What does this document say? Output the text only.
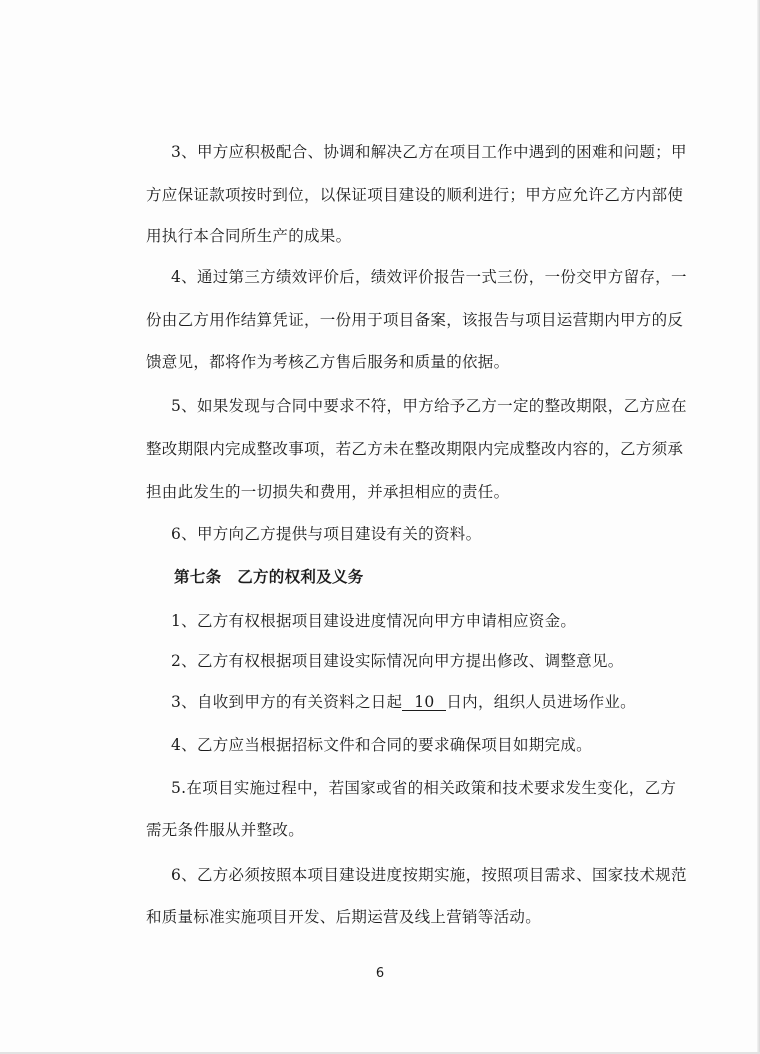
3、甲方应积极配合、协调和解决乙方在项目工作中遇到的困难和问题；甲
方应保证款项按时到位，以保证项目建设的顺利进行；甲方应允许乙方内部使
用执行本合同所生产的成果。
4、通过第三方绩效评价后，绩效评价报告一式三份，一份交甲方留存，一
份由乙方用作结算凭证，一份用于项目备案，该报告与项目运营期内甲方的反
馈意见，都将作为考核乙方售后服务和质量的依据。
5、如果发现与合同中要求不符，甲方给予乙方一定的整改期限，乙方应在
整改期限内完成整改事项，若乙方未在整改期限内完成整改内容的，乙方须承
担由此发生的一切损失和费用，并承担相应的责任。
6、甲方向乙方提供与项目建设有关的资料。
第七条　乙方的权利及义务
1、乙方有权根据项目建设进度情况向甲方申请相应资金。
2、乙方有权根据项目建设实际情况向甲方提出修改、调整意见。
3、自收到甲方的有关资料之日起 10 日内，组织人员进场作业。
4、乙方应当根据招标文件和合同的要求确保项目如期完成。
5.在项目实施过程中，若国家或省的相关政策和技术要求发生变化，乙方
需无条件服从并整改。
6、乙方必须按照本项目建设进度按期实施，按照项目需求、国家技术规范
和质量标准实施项目开发、后期运营及线上营销等活动。
6
